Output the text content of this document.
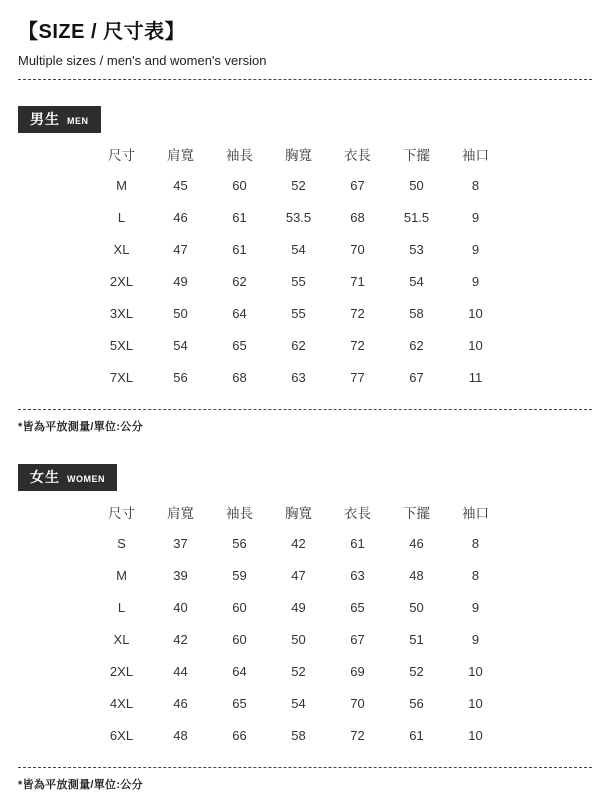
【SIZE / 尺寸表】
Multiple sizes / men's and women's version
男生 MEN
尺寸	肩寬	袖長	胸寬	衣長	下擺	袖口
M	45	60	52	67	50	8
L	46	61	53.5	68	51.5	9
XL	47	61	54	70	53	9
2XL	49	62	55	71	54	9
3XL	50	64	55	72	58	10
5XL	54	65	62	72	62	10
7XL	56	68	63	77	67	11
*皆為平放測量/單位:公分
女生 WOMEN
尺寸	肩寬	袖長	胸寬	衣長	下擺	袖口
S	37	56	42	61	46	8
M	39	59	47	63	48	8
L	40	60	49	65	50	9
XL	42	60	50	67	51	9
2XL	44	64	52	69	52	10
4XL	46	65	54	70	56	10
6XL	48	66	58	72	61	10
*皆為平放測量/單位:公分
